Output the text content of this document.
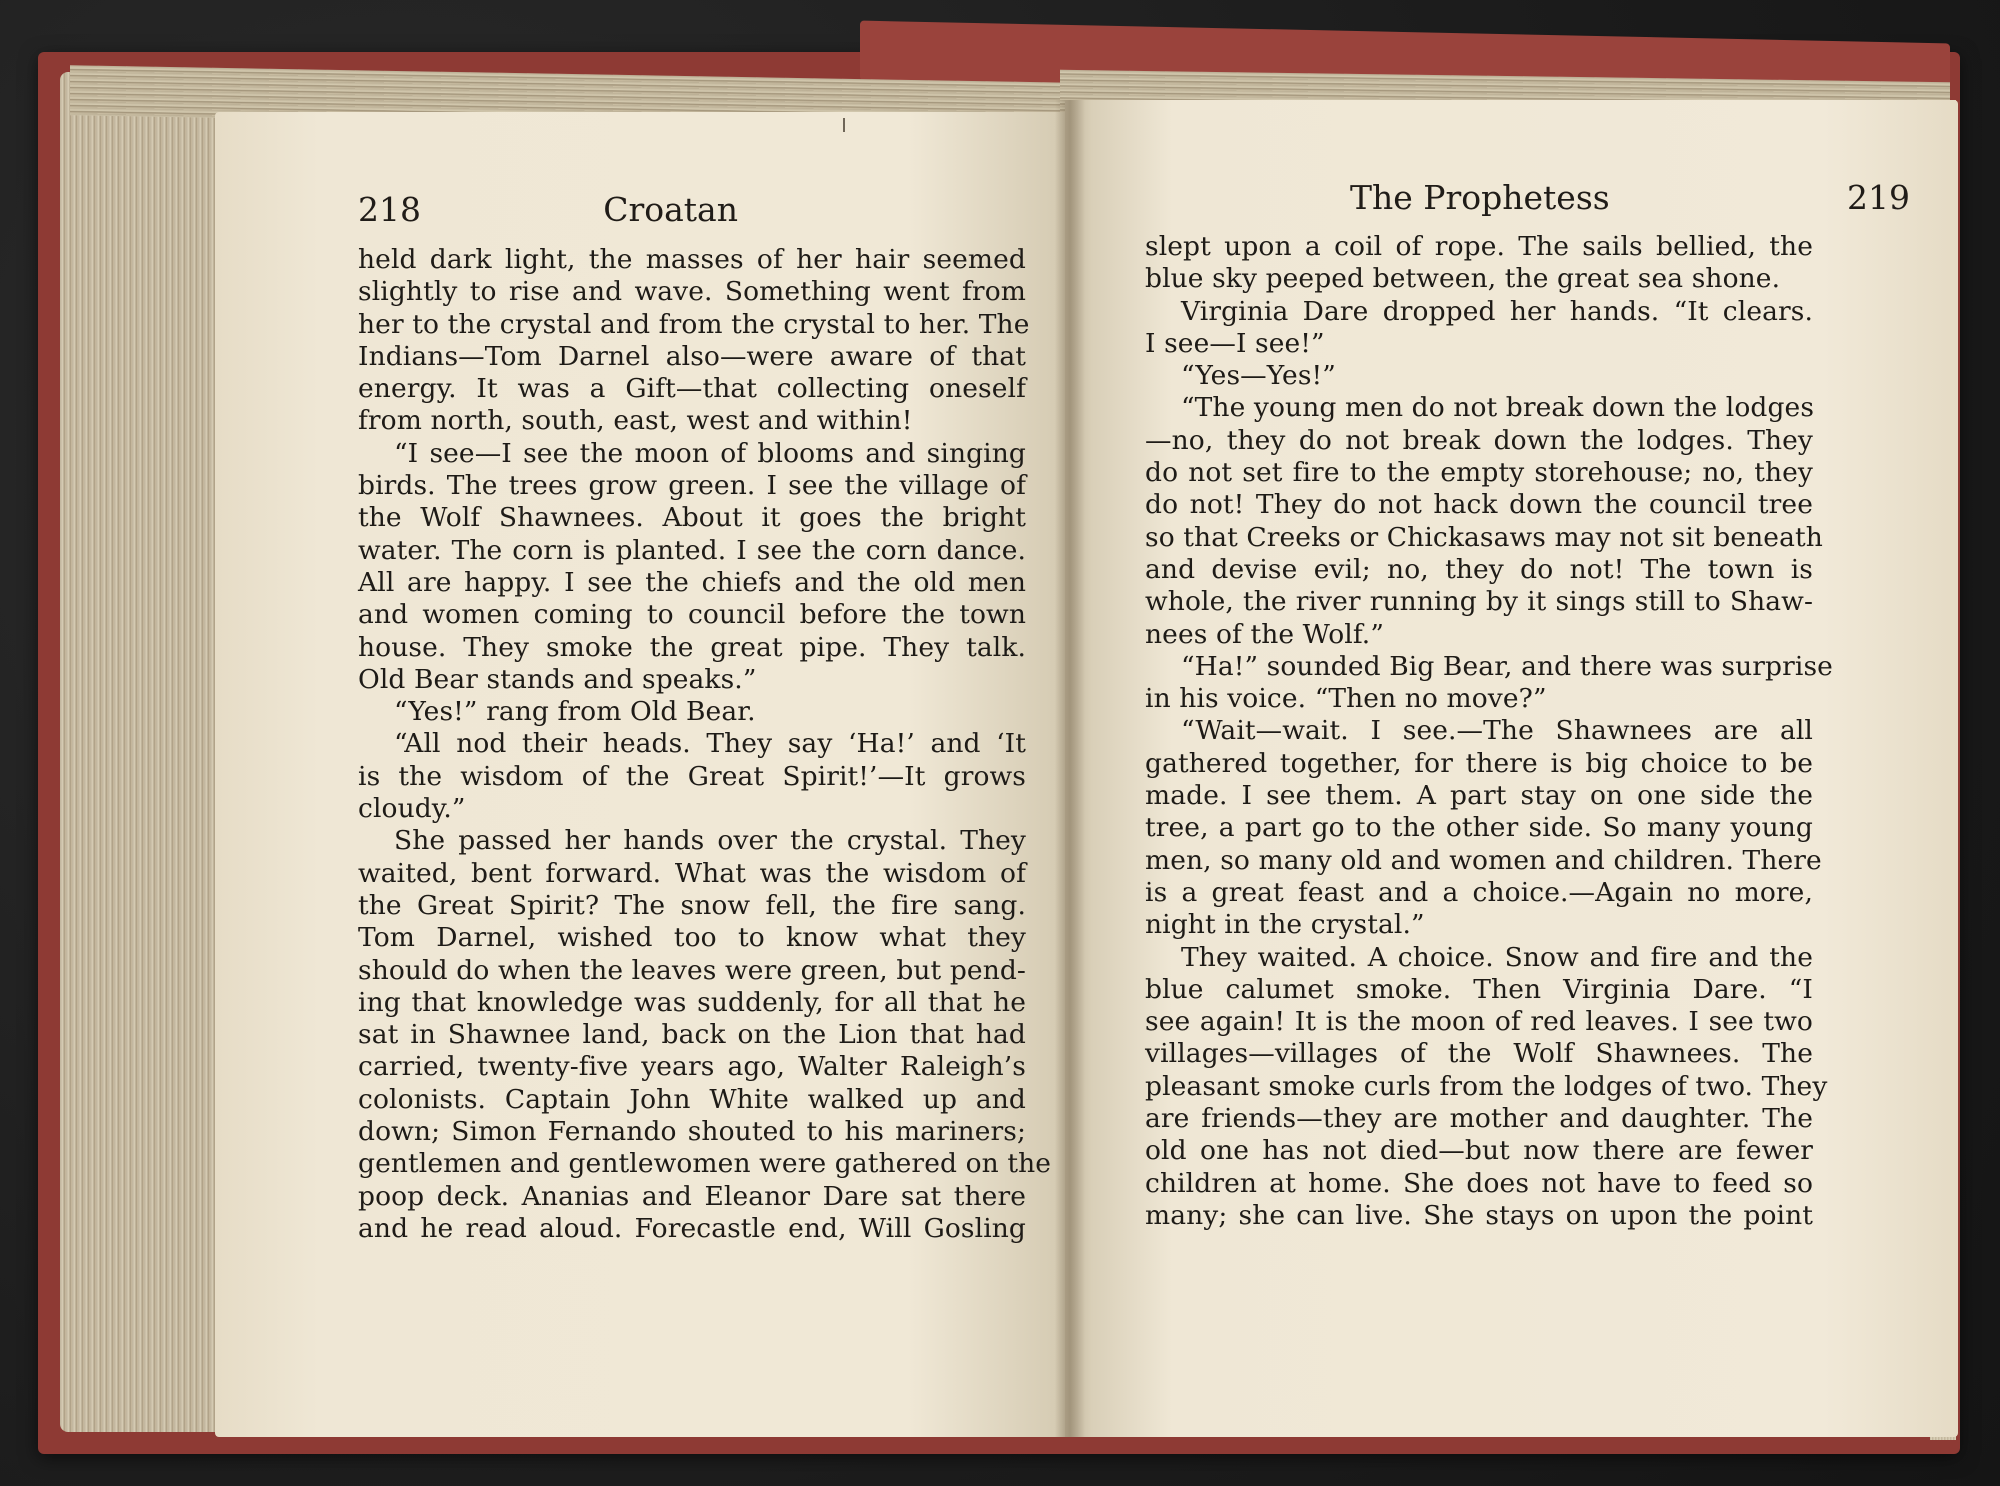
218	Croatan
held dark light, the masses of her hair seemed
slightly to rise and wave. Something went from
her to the crystal and from the crystal to her. The
Indians—Tom Darnel also—were aware of that
energy. It was a Gift—that collecting oneself
from north, south, east, west and within!
“I see—I see the moon of blooms and singing
birds. The trees grow green. I see the village of
the Wolf Shawnees. About it goes the bright
water. The corn is planted. I see the corn dance.
All are happy. I see the chiefs and the old men
and women coming to council before the town
house. They smoke the great pipe. They talk.
Old Bear stands and speaks.”
“Yes!” rang from Old Bear.
“All nod their heads. They say ‘Ha!’ and ‘It
is the wisdom of the Great Spirit!’—It grows
cloudy.”
She passed her hands over the crystal. They
waited, bent forward. What was the wisdom of
the Great Spirit? The snow fell, the fire sang.
Tom Darnel, wished too to know what they
should do when the leaves were green, but pend-
ing that knowledge was suddenly, for all that he
sat in Shawnee land, back on the Lion that had
carried, twenty-five years ago, Walter Raleigh’s
colonists. Captain John White walked up and
down; Simon Fernando shouted to his mariners;
gentlemen and gentlewomen were gathered on the
poop deck. Ananias and Eleanor Dare sat there
and he read aloud. Forecastle end, Will Gosling
The Prophetess	219
slept upon a coil of rope. The sails bellied, the
blue sky peeped between, the great sea shone.
Virginia Dare dropped her hands. “It clears.
I see—I see!”
“Yes—Yes!”
“The young men do not break down the lodges
—no, they do not break down the lodges. They
do not set fire to the empty storehouse; no, they
do not! They do not hack down the council tree
so that Creeks or Chickasaws may not sit beneath
and devise evil; no, they do not! The town is
whole, the river running by it sings still to Shaw-
nees of the Wolf.”
“Ha!” sounded Big Bear, and there was surprise
in his voice. “Then no move?”
“Wait—wait. I see.—The Shawnees are all
gathered together, for there is big choice to be
made. I see them. A part stay on one side the
tree, a part go to the other side. So many young
men, so many old and women and children. There
is a great feast and a choice.—Again no more,
night in the crystal.”
They waited. A choice. Snow and fire and the
blue calumet smoke. Then Virginia Dare. “I
see again! It is the moon of red leaves. I see two
villages—villages of the Wolf Shawnees. The
pleasant smoke curls from the lodges of two. They
are friends—they are mother and daughter. The
old one has not died—but now there are fewer
children at home. She does not have to feed so
many; she can live. She stays on upon the point
